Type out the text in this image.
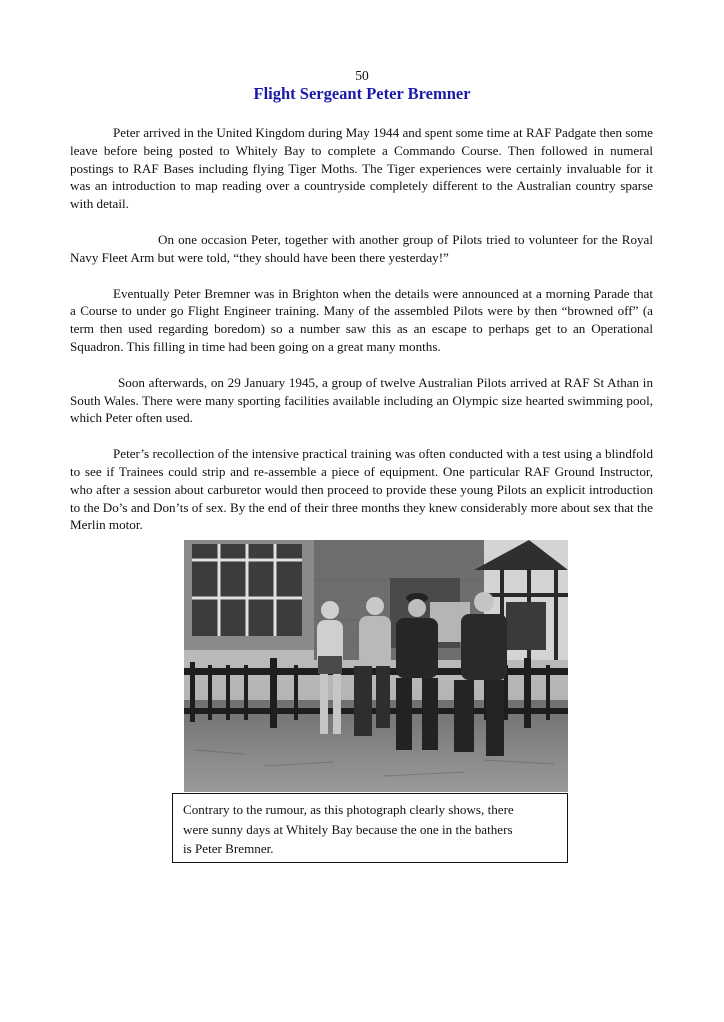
50
Flight Sergeant Peter Bremner

Peter arrived in the United Kingdom during May 1944 and spent some time at RAF Padgate then some leave before being posted to Whitely Bay to complete a Commando Course. Then followed in numeral postings to RAF Bases including flying Tiger Moths. The Tiger experiences were certainly invaluable for it was an introduction to map reading over a countryside completely different to the Australian country sparse with detail.

On one occasion Peter, together with another group of Pilots tried to volunteer for the Royal Navy Fleet Arm but were told, “they should have been there yesterday!”

Eventually Peter Bremner was in Brighton when the details were announced at a morning Parade that a Course to under go Flight Engineer training. Many of the assembled Pilots were by then “browned off” (a term then used regarding boredom) so a number saw this as an escape to perhaps get to an Operational Squadron. This filling in time had been going on a great many months.

Soon afterwards, on 29 January 1945, a group of twelve Australian Pilots arrived at RAF St Athan in South Wales. There were many sporting facilities available including an Olympic size hearted swimming pool, which Peter often used.

Peter’s recollection of the intensive practical training was often conducted with a test using a blindfold to see if Trainees could strip and re-assemble a piece of equipment. One particular RAF Ground Instructor, who after a session about carburetor would then proceed to provide these young Pilots an explicit introduction to the Do’s and Don’ts of sex. By the end of their three months they knew considerably more about sex that the Merlin motor.

Contrary to the rumour, as this photograph clearly shows, there
were sunny days at Whitely Bay because the one in the bathers
is Peter Bremner.
